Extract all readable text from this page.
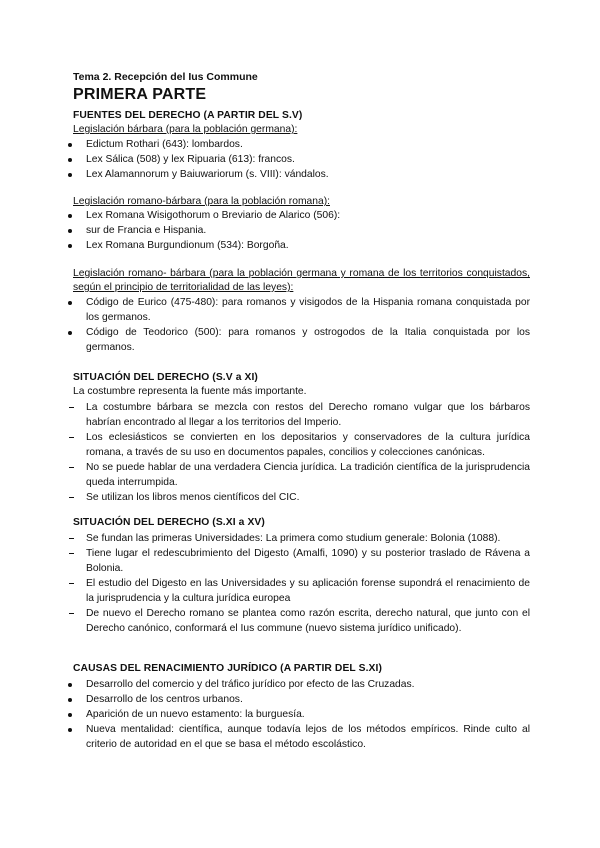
Tema 2. Recepción del Ius Commune
PRIMERA PARTE
FUENTES DEL DERECHO (A PARTIR DEL S.V)
Legislación bárbara (para la población germana):
Edictum Rothari (643): lombardos.
Lex Sálica (508) y lex Ripuaria (613): francos.
Lex Alamannorum y Baiuwariorum (s. VIII): vándalos.
Legislación romano-bárbara (para la población romana):
Lex Romana Wisigothorum o Breviario de Alarico (506):
sur de Francia e Hispania.
Lex Romana Burgundionum (534): Borgoña.
Legislación romano- bárbara (para la población germana y romana de los territorios conquistados, según el principio de territorialidad de las leyes):
Código de Eurico (475-480): para romanos y visigodos de la Hispania romana conquistada por los germanos.
Código de Teodorico (500): para romanos y ostrogodos de la Italia conquistada por los germanos.
SITUACIÓN DEL DERECHO (S.V a XI)
La costumbre representa la fuente más importante.
La costumbre bárbara se mezcla con restos del Derecho romano vulgar que los bárbaros habrían encontrado al llegar a los territorios del Imperio.
Los eclesiásticos se convierten en los depositarios y conservadores de la cultura jurídica romana, a través de su uso en documentos papales, concilios y colecciones canónicas.
No se puede hablar de una verdadera Ciencia jurídica. La tradición científica de la jurisprudencia queda interrumpida.
Se utilizan los libros menos científicos del CIC.
SITUACIÓN DEL DERECHO (S.XI a XV)
Se fundan las primeras Universidades: La primera como studium generale: Bolonia (1088).
Tiene lugar el redescubrimiento del Digesto (Amalfi, 1090) y su posterior traslado de Rávena a Bolonia.
El estudio del Digesto en las Universidades y su aplicación forense supondrá el renacimiento de la jurisprudencia y la cultura jurídica europea
De nuevo el Derecho romano se plantea como razón escrita, derecho natural, que junto con el Derecho canónico, conformará el Ius commune (nuevo sistema jurídico unificado).
CAUSAS DEL RENACIMIENTO JURÍDICO (A PARTIR DEL S.XI)
Desarrollo del comercio y del tráfico jurídico por efecto de las Cruzadas.
Desarrollo de los centros urbanos.
Aparición de un nuevo estamento: la burguesía.
Nueva mentalidad: científica, aunque todavía lejos de los métodos empíricos. Rinde culto al criterio de autoridad en el que se basa el método escolástico.
